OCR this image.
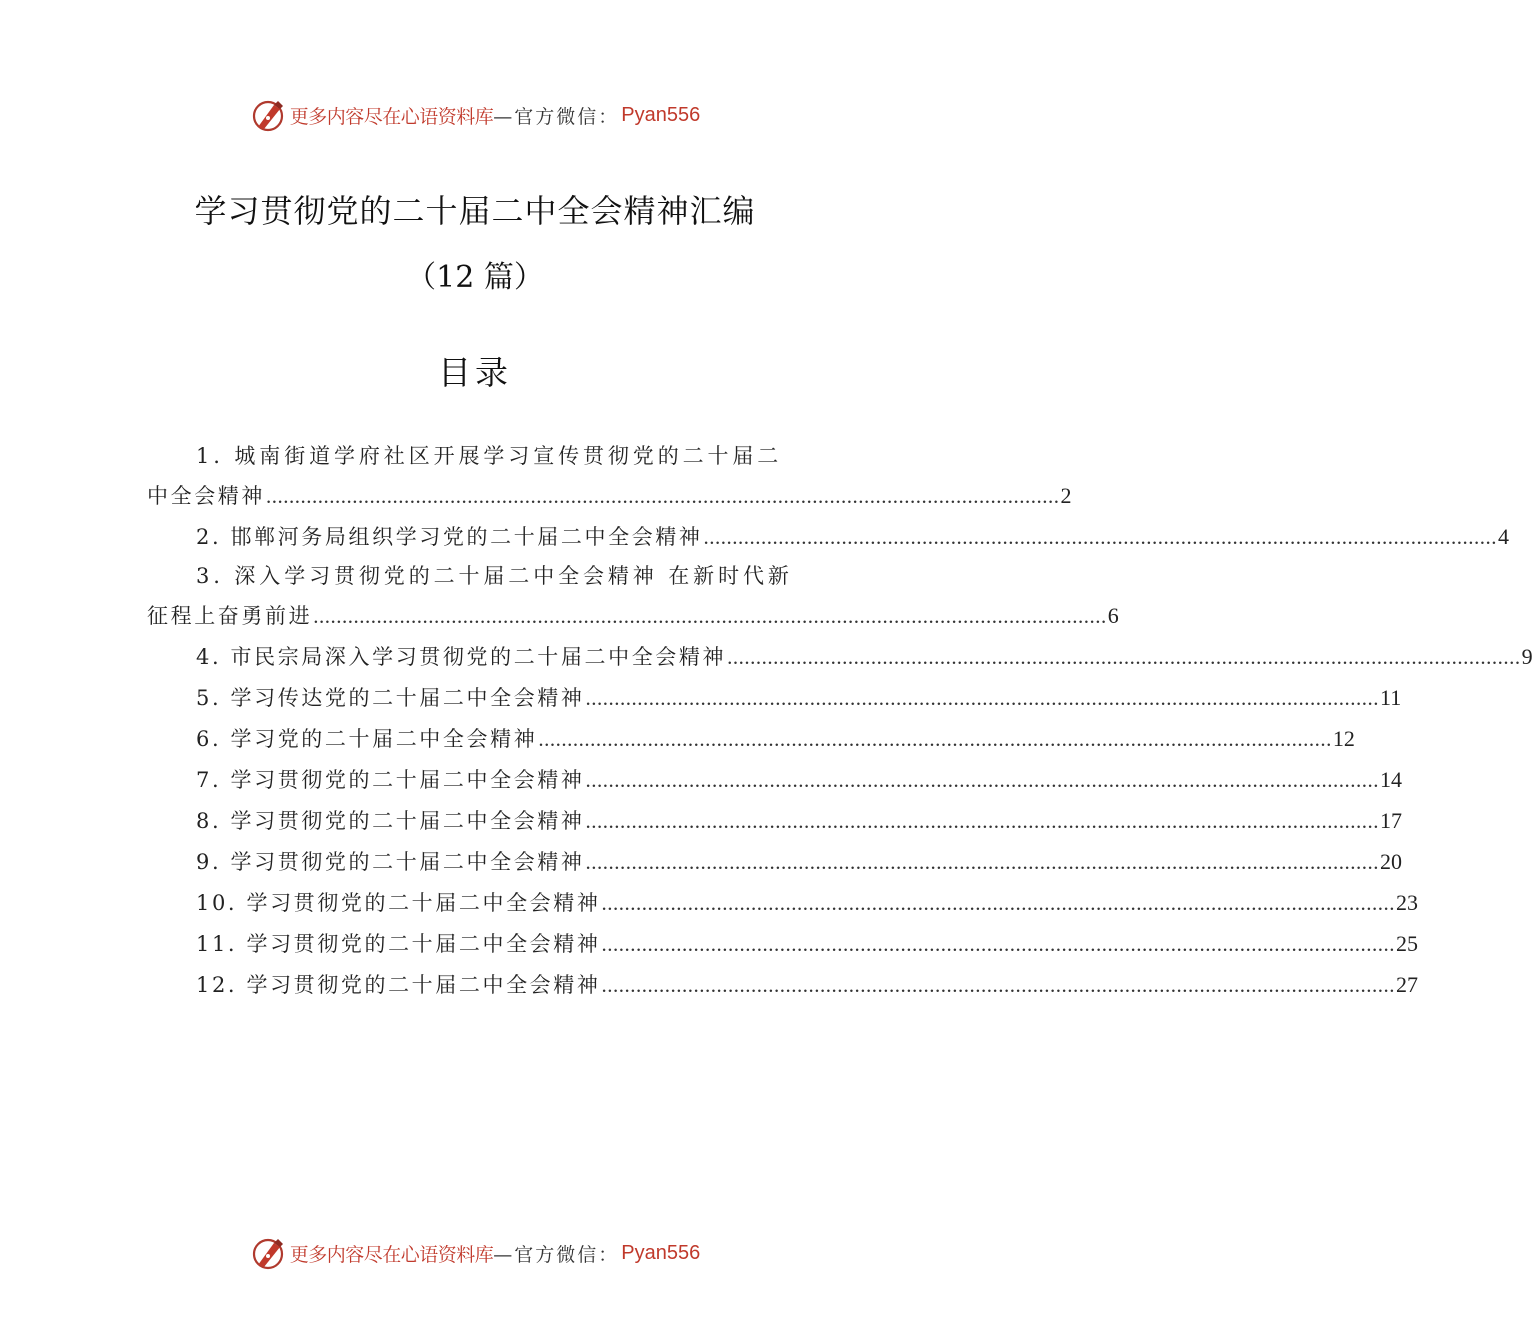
更多内容尽在心语资料库 —官方微信： Pyan556
学习贯彻党的二十届二中全会精神汇编
（12 篇）
目录
1. 城南街道学府社区开展学习宣传贯彻党的二十届二
中全会精神 .......................................................................................................................................... 2
2. 邯郸河务局组织学习党的二十届二中全会精神 .......................................................................................................................................... 4
3. 深入学习贯彻党的二十届二中全会精神 在新时代新
征程上奋勇前进 .......................................................................................................................................... 6
4. 市民宗局深入学习贯彻党的二十届二中全会精神 .......................................................................................................................................... 9
5. 学习传达党的二十届二中全会精神 .......................................................................................................................................... 11
6. 学习党的二十届二中全会精神 .......................................................................................................................................... 12
7. 学习贯彻党的二十届二中全会精神 .......................................................................................................................................... 14
8. 学习贯彻党的二十届二中全会精神 .......................................................................................................................................... 17
9. 学习贯彻党的二十届二中全会精神 .......................................................................................................................................... 20
10. 学习贯彻党的二十届二中全会精神 .......................................................................................................................................... 23
11. 学习贯彻党的二十届二中全会精神 .......................................................................................................................................... 25
12. 学习贯彻党的二十届二中全会精神 .......................................................................................................................................... 27
更多内容尽在心语资料库 —官方微信： Pyan556
